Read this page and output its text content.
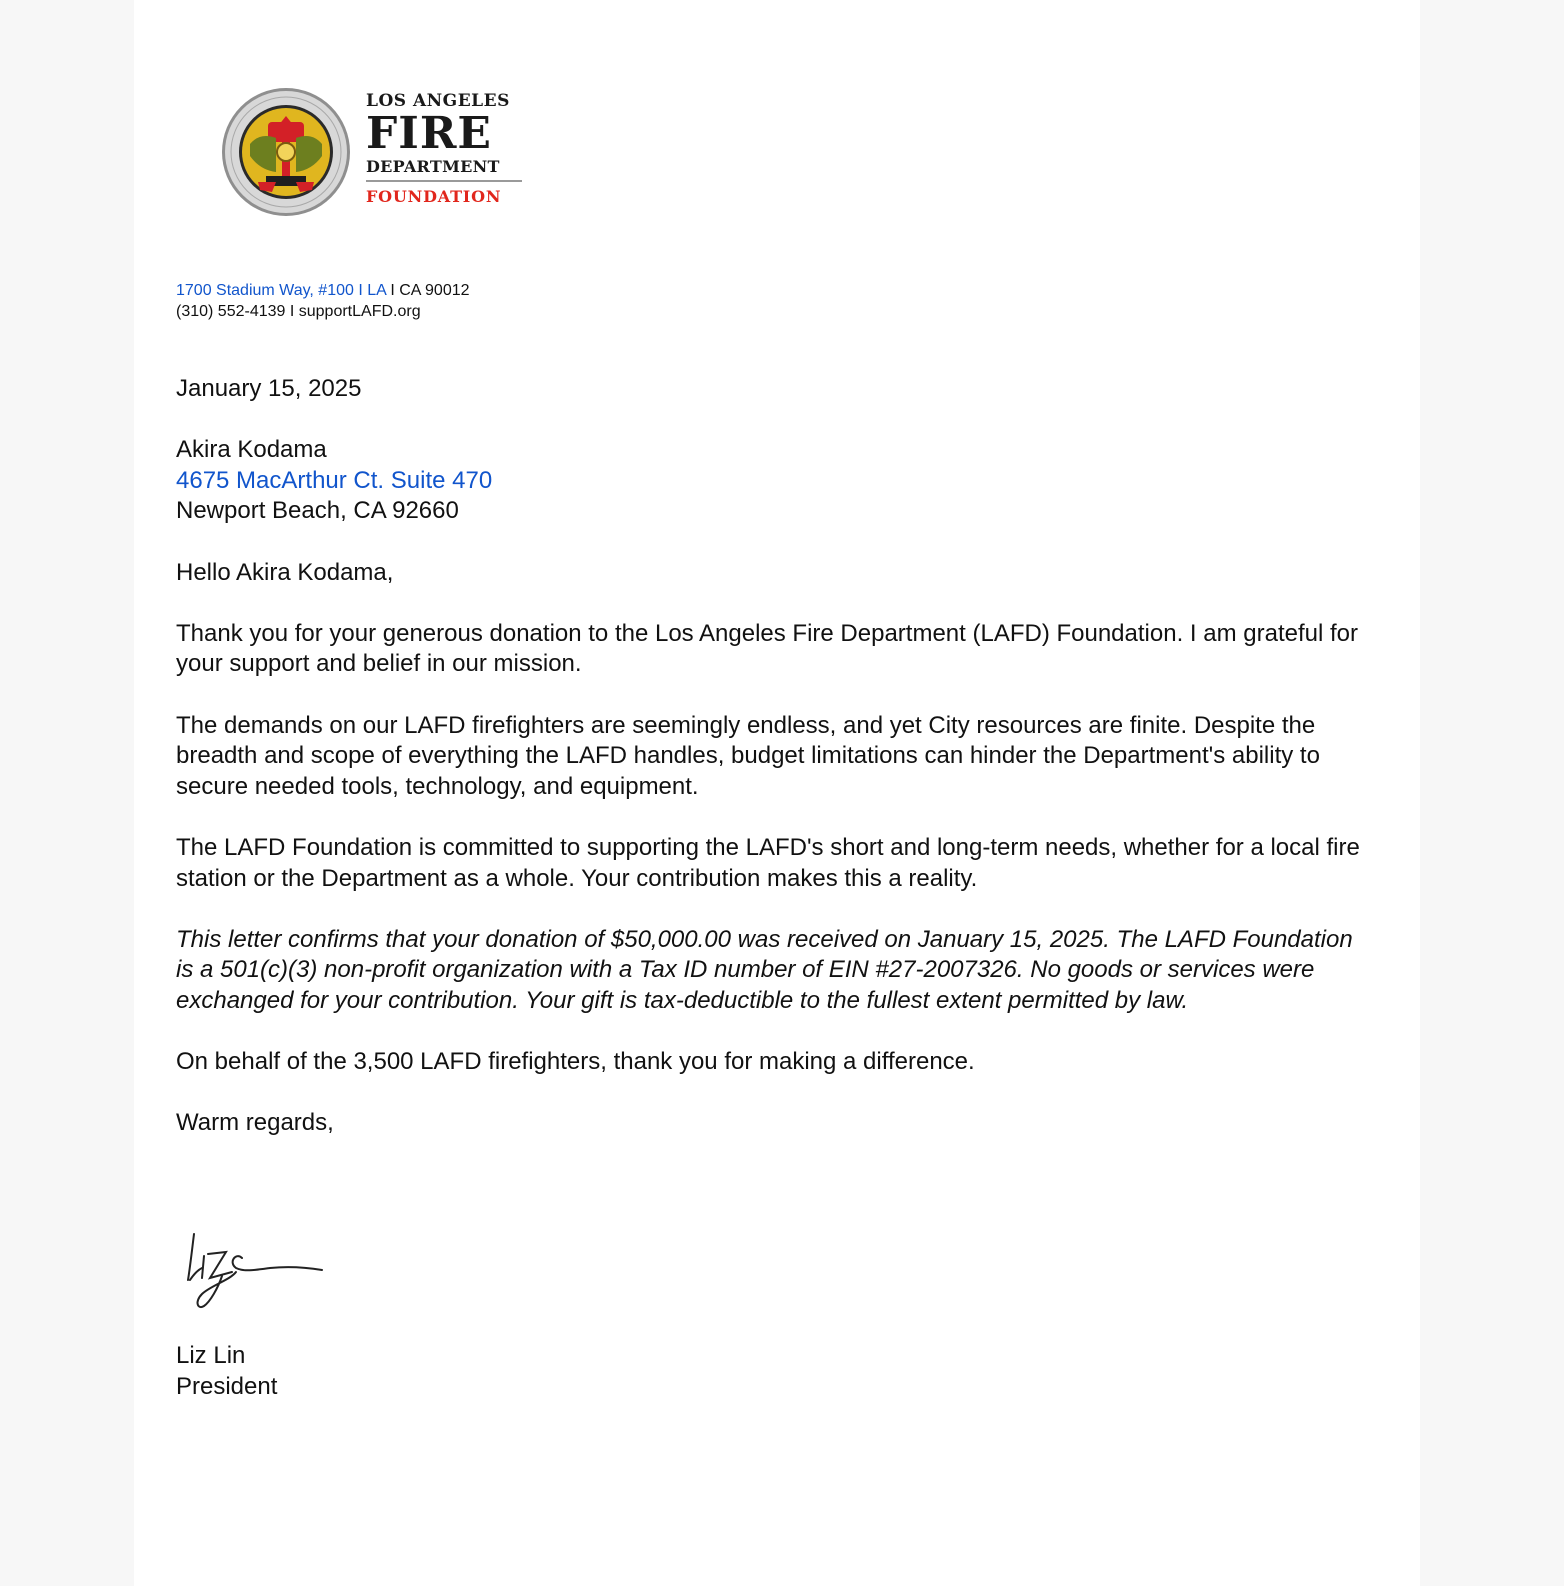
LOS ANGELES
FIRE
DEPARTMENT
FOUNDATION
1700 Stadium Way, #100 I LA I CA 90012
(310) 552-4139 I supportLAFD.org

January 15, 2025

Akira Kodama
4675 MacArthur Ct. Suite 470
Newport Beach, CA 92660

Hello Akira Kodama,

Thank you for your generous donation to the Los Angeles Fire Department (LAFD) Foundation. I am grateful for your support and belief in our mission.

The demands on our LAFD firefighters are seemingly endless, and yet City resources are finite. Despite the breadth and scope of everything the LAFD handles, budget limitations can hinder the Department's ability to secure needed tools, technology, and equipment.

The LAFD Foundation is committed to supporting the LAFD's short and long-term needs, whether for a local fire station or the Department as a whole. Your contribution makes this a reality.

This letter confirms that your donation of $50,000.00 was received on January 15, 2025. The LAFD Foundation is a 501(c)(3) non-profit organization with a Tax ID number of EIN #27-2007326. No goods or services were exchanged for your contribution. Your gift is tax-deductible to the fullest extent permitted by law.

On behalf of the 3,500 LAFD firefighters, thank you for making a difference.

Warm regards,

Liz Lin
President
